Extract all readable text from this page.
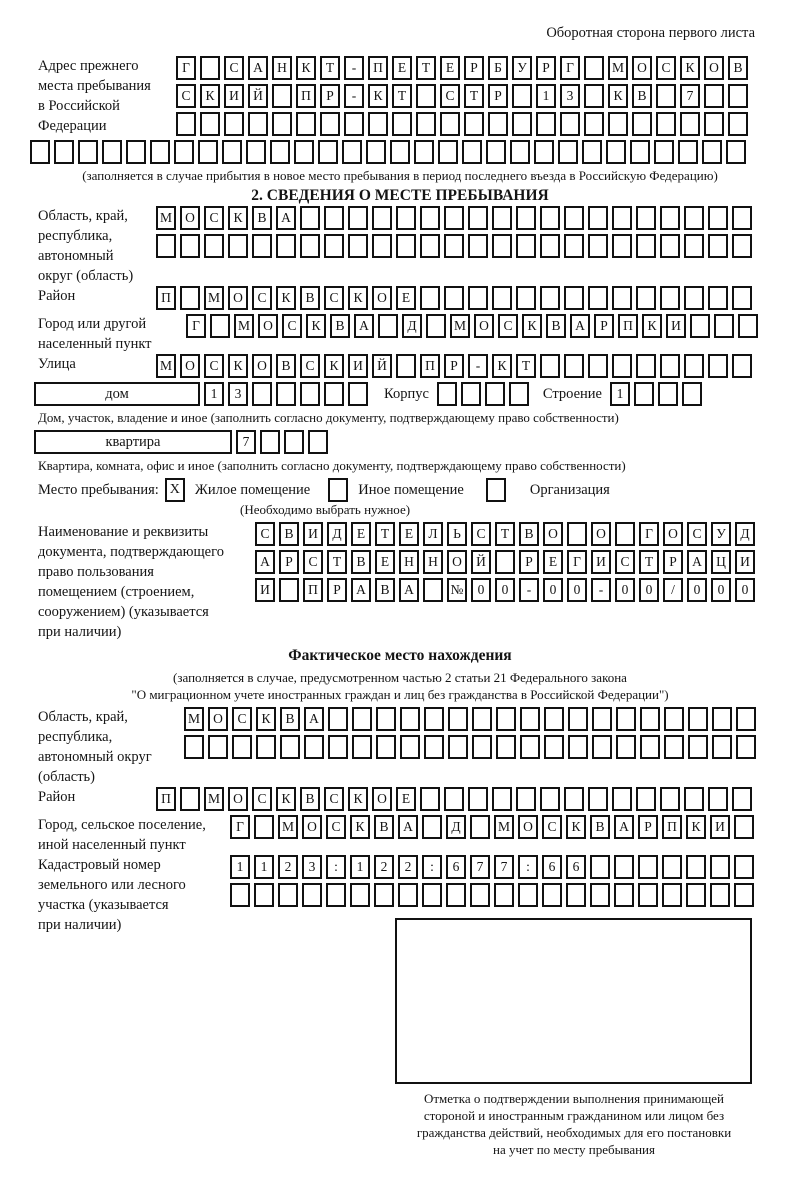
Оборотная сторона первого листа
Адрес прежнего
места пребывания
в Российской
Федерации
Г	С	А	Н	К	Т	-	П	Е	Т	Е	Р	Б	У	Р	Г	М О	С	К	О	В
С	К	И	Й	П	Р	-	К	Т	С	Т	Р	1	3	К	В	7
(заполняется в случае прибытия в новое место пребывания в период последнего въезда в Российскую Федерацию)
2. СВЕДЕНИЯ О МЕСТЕ ПРЕБЫВАНИЯ
Область, край,
республика,
автономный
округ (область)
М О	С	К	В	А
Район	П	М О	С	К	В	С	К	О	Е
Город или другой
населенный пункт
Г	М О	С	К	В	А	Д	М О	С	К	В	А	Р	П	К	И
Улица	М О	С	К	О	В	С	К	И	Й	П	Р	-	К	Т
дом	1	3	Корпус	Строение	1
Дом, участок, владение и иное (заполнить согласно документу, подтверждающему право собственности)
квартира	7
Квартира, комната, офис и иное (заполнить согласно документу, подтверждающему право собственности)
Место пребывания: X	Жилое помещение	Иное помещение	Организация
(Необходимо выбрать нужное)
Наименование и реквизиты
документа, подтверждающего
право пользования
помещением (строением,
сооружением) (указывается
при наличии)
С	В	И	Д	Е	Т	Е	Л	Ь	С	Т	В	О	О	Г	О	С	У	Д
А	Р	С	Т	В	Е	Н	Н	О	Й	Р	Е	Г	И	С	Т	Р	А	Ц	И
И	П	Р	А	В	А	№	0	0	-	0	0	-	0	0	/	0	0	0
Фактическое место нахождения
(заполняется в случае, предусмотренном частью 2 статьи 21 Федерального закона
"О миграционном учете иностранных граждан и лиц без гражданства в Российской Федерации")
Область, край,
республика,
автономный округ
(область)
М О	С	К	В	А
Район	П	М О	С	К	В	С	К	О	Е
Город, сельское поселение,
иной населенный пункт
Г	М О	С	К	В	А	Д	М О	С	К	В	А	Р	П	К	И
Кадастровый номер
земельного или лесного
участка (указывается
при наличии)
1	1	2	3	:	1	2	2	:	6	7	7	:	6	6
Отметка о подтверждении выполнения принимающей
стороной и иностранным гражданином или лицом без
гражданства действий, необходимых для его постановки
на учет по месту пребывания
